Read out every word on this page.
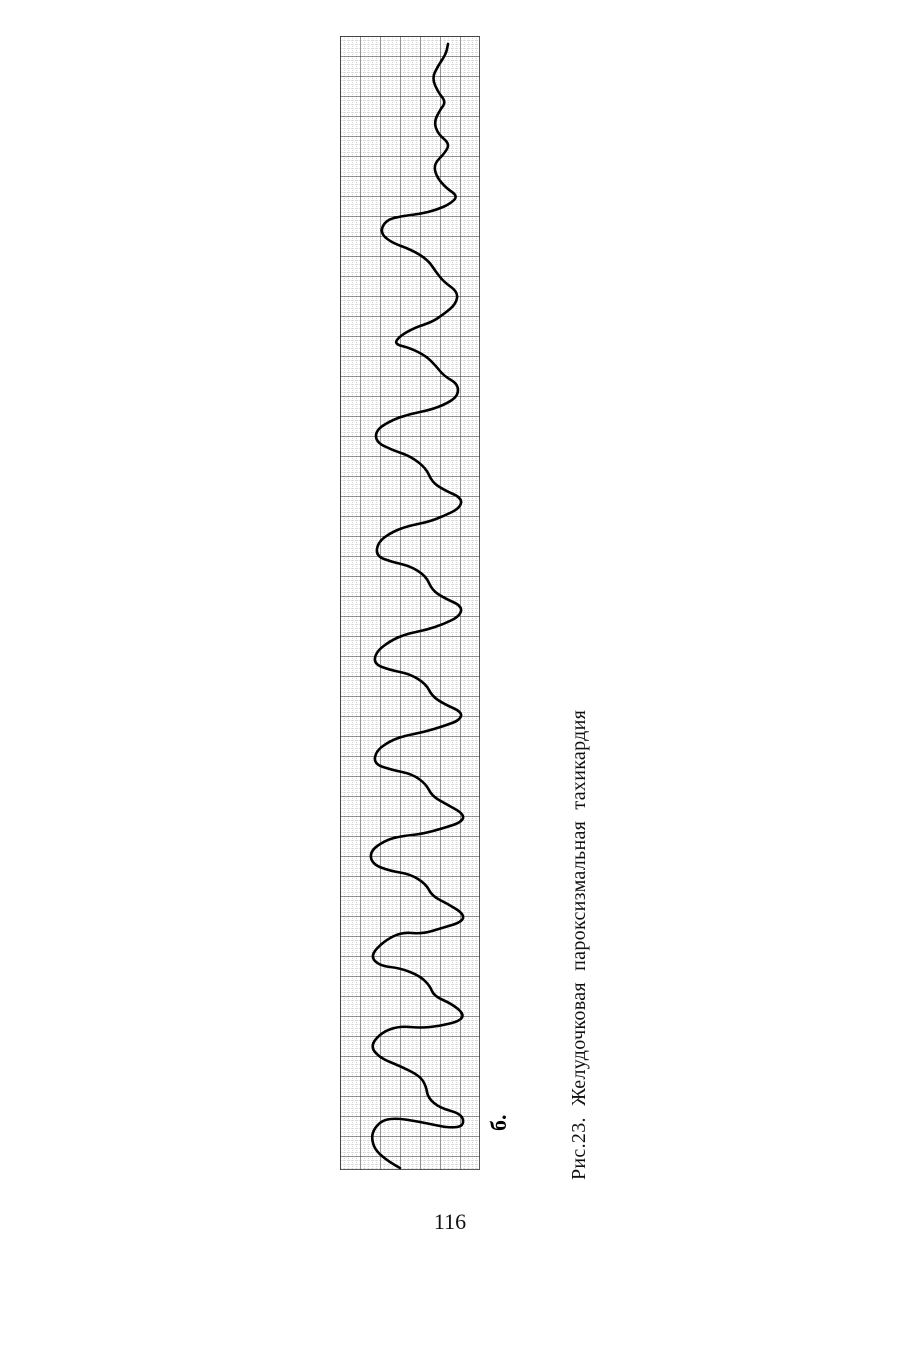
б.	Рис.23. Желудочковая пароксизмальная тахикардия
116
